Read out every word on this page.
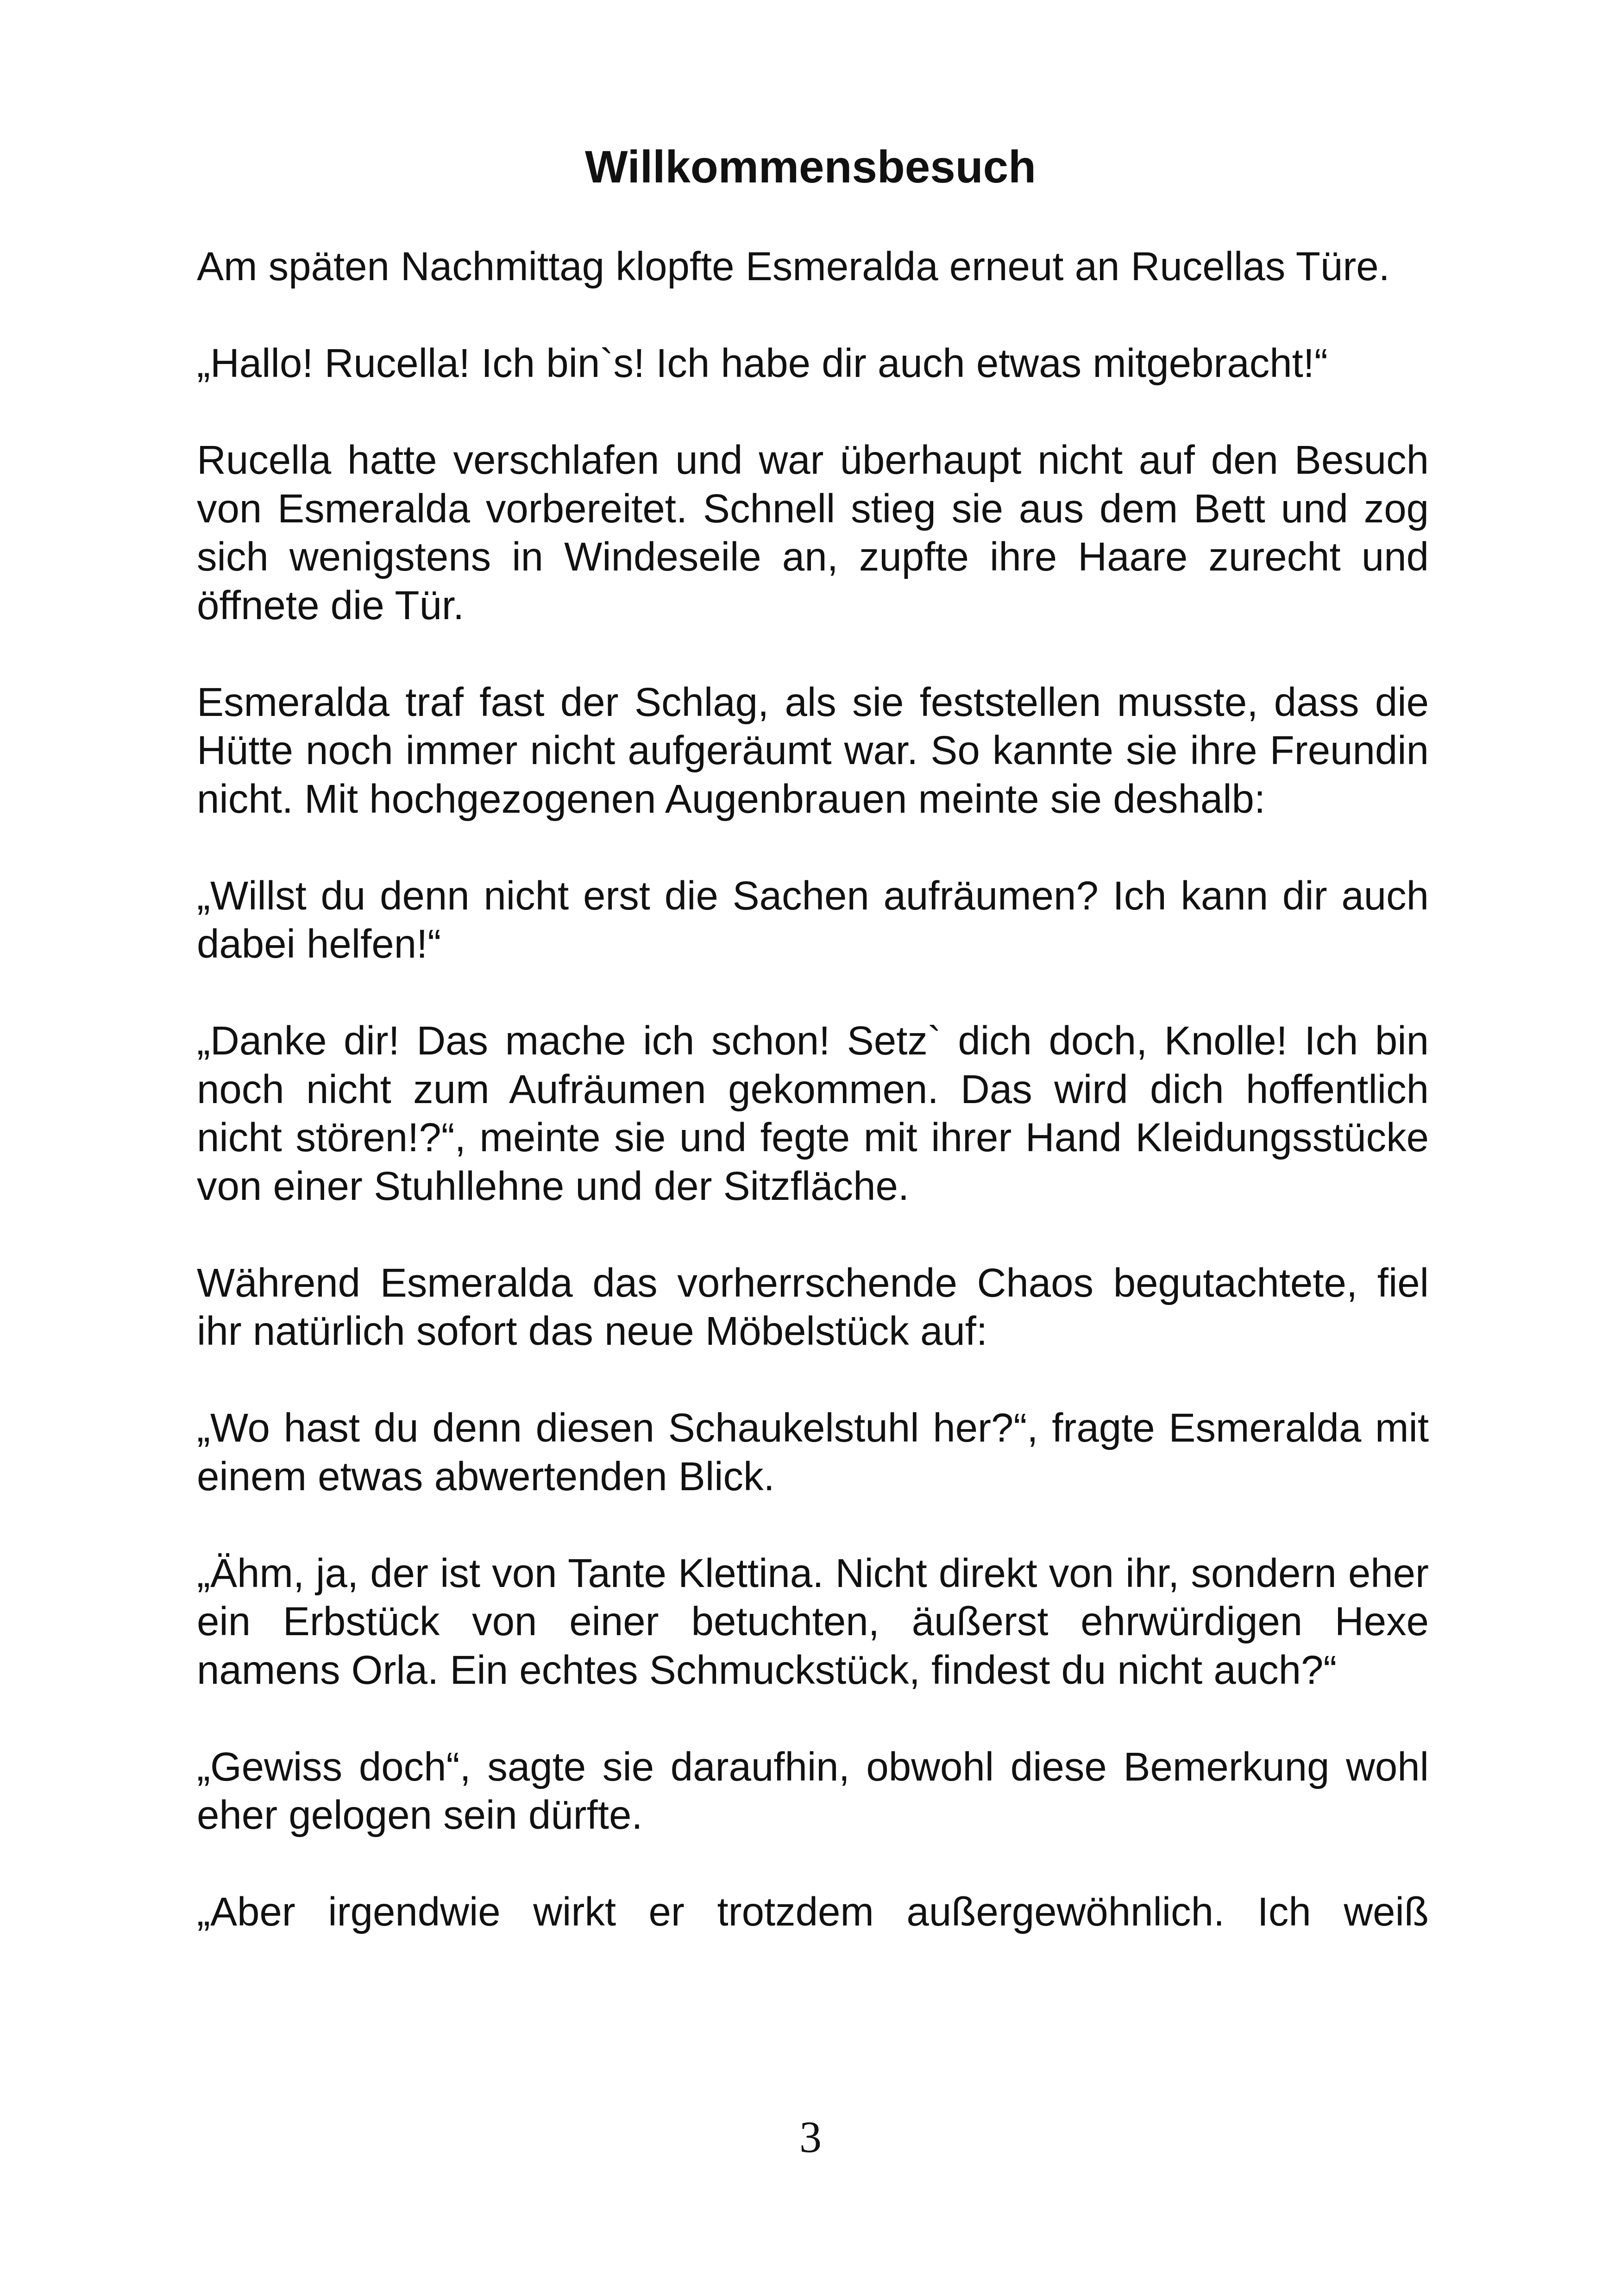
Willkommensbesuch

Am späten Nachmittag klopfte Esmeralda erneut an Rucellas Türe.

„Hallo! Rucella! Ich bin`s! Ich habe dir auch etwas mitgebracht!“

Rucella hatte verschlafen und war überhaupt nicht auf den Besuch von Esmeralda vorbereitet. Schnell stieg sie aus dem Bett und zog sich wenigstens in Windeseile an, zupfte ihre Haare zurecht und öffnete die Tür.

Esmeralda traf fast der Schlag, als sie feststellen musste, dass die Hütte noch immer nicht aufgeräumt war. So kannte sie ihre Freundin nicht. Mit hochgezogenen Augenbrauen meinte sie deshalb:

„Willst du denn nicht erst die Sachen aufräumen? Ich kann dir auch dabei helfen!“

„Danke dir! Das mache ich schon! Setz` dich doch, Knolle! Ich bin noch nicht zum Aufräumen gekommen. Das wird dich hoffentlich nicht stören!?“, meinte sie und fegte mit ihrer Hand Kleidungsstücke von einer Stuhllehne und der Sitzfläche.

Während Esmeralda das vorherrschende Chaos begutachtete, fiel ihr natürlich sofort das neue Möbelstück auf:

„Wo hast du denn diesen Schaukelstuhl her?“, fragte Esmeralda mit einem etwas abwertenden Blick.

„Ähm, ja, der ist von Tante Klettina. Nicht direkt von ihr, sondern eher ein Erbstück von einer betuchten, äußerst ehrwürdigen Hexe namens Orla. Ein echtes Schmuckstück, findest du nicht auch?“

„Gewiss doch“, sagte sie daraufhin, obwohl diese Bemerkung wohl eher gelogen sein dürfte.

„Aber irgendwie wirkt er trotzdem außergewöhnlich. Ich weiß

3
